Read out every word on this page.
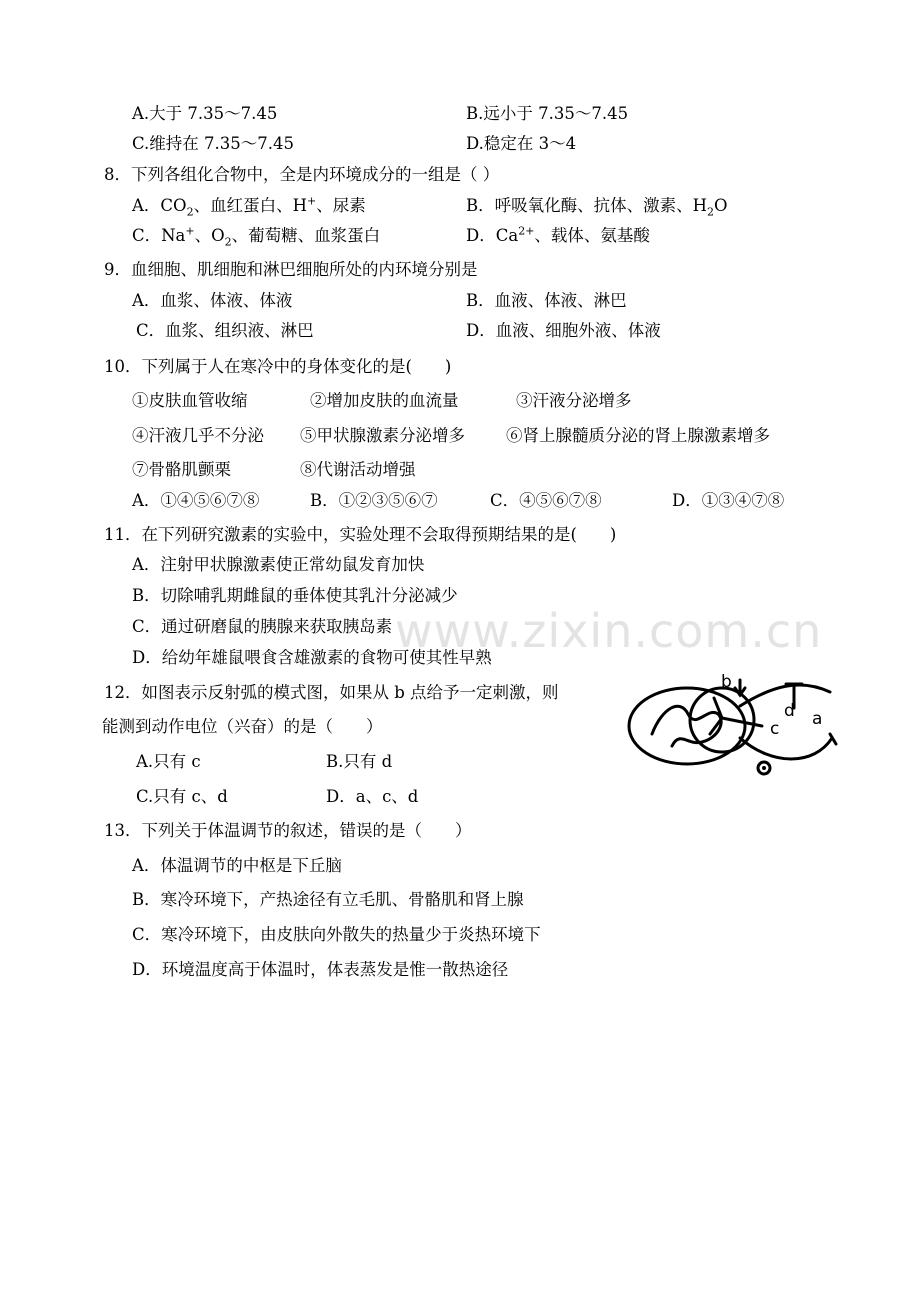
www.zixin.com.cn
A.大于 7.35～7.45	B.远小于 7.35～7.45
C.维持在 7.35～7.45	D.稳定在 3～4
8．下列各组化合物中，全是内环境成分的一组是（ ）
A．$CO_2$、血红蛋白、H+、尿素	B．呼吸氧化酶、抗体、激素、$H_2O$
C．Na+、$O_2$、葡萄糖、血浆蛋白	D．$Ca^{2+}$、载体、氨基酸
9．血细胞、肌细胞和淋巴细胞所处的内环境分别是
A．血浆、体液、体液	B．血液、体液、淋巴
C．血浆、组织液、淋巴	D．血液、细胞外液、体液
10．下列属于人在寒冷中的身体变化的是(　　)
①皮肤血管收缩	②增加皮肤的血流量	③汗液分泌增多
④汗液几乎不分泌 ⑤甲状腺激素分泌增多 ⑥肾上腺髓质分泌的肾上腺激素增多
⑦骨骼肌颤栗	⑧代谢活动增强
A．①④⑤⑥⑦⑧	B．①②③⑤⑥⑦	C．④⑤⑥⑦⑧	D．①③④⑦⑧
11．在下列研究激素的实验中，实验处理不会取得预期结果的是(　　)
A．注射甲状腺激素使正常幼鼠发育加快
B．切除哺乳期雌鼠的垂体使其乳汁分泌减少
C．通过研磨鼠的胰腺来获取胰岛素
D．给幼年雄鼠喂食含雄激素的食物可使其性早熟
12．如图表示反射弧的模式图，如果从 b 点给予一定刺激，则
能测到动作电位（兴奋）的是（　　）
A.只有 c	B.只有 d
C.只有 c、d	D．a、c、d
b
c
d a
13．下列关于体温调节的叙述，错误的是（　　）
A．体温调节的中枢是下丘脑
B．寒冷环境下，产热途径有立毛肌、骨骼肌和肾上腺
C．寒冷环境下，由皮肤向外散失的热量少于炎热环境下
D．环境温度高于体温时，体表蒸发是惟一散热途径
